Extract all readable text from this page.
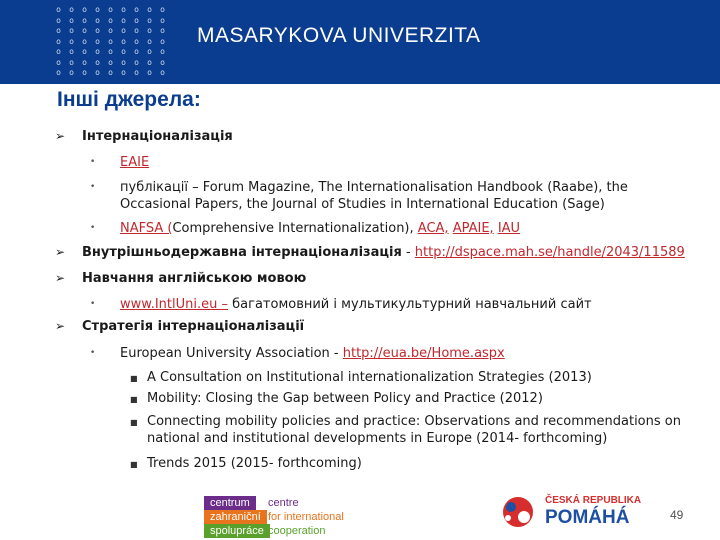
o	o	o	o	o	o	o	o	o
o	o	o	o	o	o	o	o	o
o	o	o	o	o	o	o	o	o
o	o	o	o	o	o	o	o	o
o	o	o	o	o	o	o	o	o
o	o	o	o	o	o	o	o	o
o	o	o	o	o	o	o	o	o
MASARYKOVA UNIVERZITA
Інші джерела:
➢ Інтернаціоналізація
• EAIE
• публікації – Forum Magazine, The Internationalisation Handbook (Raabe), the
Occasional Papers, the Journal of Studies in International Education (Sage)
• NAFSA (Comprehensive Internationalization), ACA, APAIE, IAU
➢ Внутрішньодержавна інтернаціоналізація - http://dspace.mah.se/handle/2043/11589
➢ Навчання англійською мовою
• www.IntlUni.eu – багатомовний і мультикультурний навчальний сайт
➢ Стратегія інтернаціоналізації
• European University Association - http://eua.be/Home.aspx
■ A Consultation on Institutional internationalization Strategies (2013)
■ Mobility: Closing the Gap between Policy and Practice (2012)
■ Connecting mobility policies and practice: Observations and recommendations on
national and institutional developments in Europe (2014- forthcoming)
■ Trends 2015 (2015- forthcoming)
centrum	centre
zahraniční for international
spolupráce cooperation
ČESKÁ REPUBLIKA
POMÁHÁ	49
